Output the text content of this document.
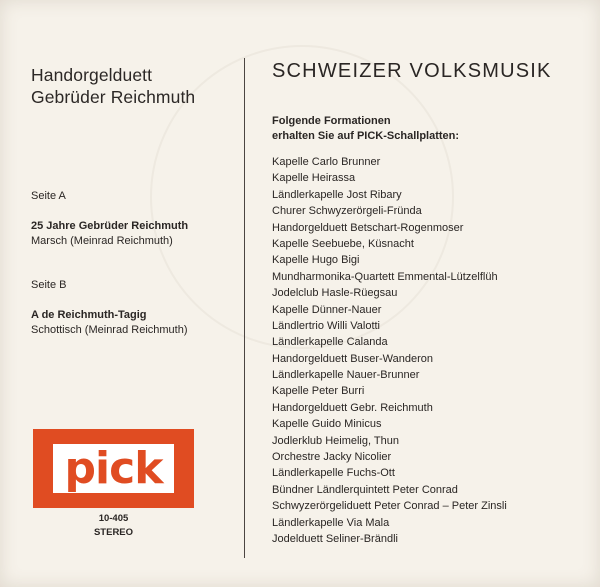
Handorgelduett
Gebrüder Reichmuth
Seite A
25 Jahre Gebrüder Reichmuth
Marsch (Meinrad Reichmuth)
Seite B
A de Reichmuth-Tagig
Schottisch (Meinrad Reichmuth)
pick
10-405
STEREO
SCHWEIZER VOLKSMUSIK
Folgende Formationen
erhalten Sie auf PICK-Schallplatten:
Kapelle Carlo Brunner
Kapelle Heirassa
Ländlerkapelle Jost Ribary
Churer Schwyzerörgeli-Fründa
Handorgelduett Betschart-Rogenmoser
Kapelle Seebuebe, Küsnacht
Kapelle Hugo Bigi
Mundharmonika-Quartett Emmental-Lützelflüh
Jodelclub Hasle-Rüegsau
Kapelle Dünner-Nauer
Ländlertrio Willi Valotti
Ländlerkapelle Calanda
Handorgelduett Buser-Wanderon
Ländlerkapelle Nauer-Brunner
Kapelle Peter Burri
Handorgelduett Gebr. Reichmuth
Kapelle Guido Minicus
Jodlerklub Heimelig, Thun
Orchestre Jacky Nicolier
Ländlerkapelle Fuchs-Ott
Bündner Ländlerquintett Peter Conrad
Schwyzerörgeliduett Peter Conrad – Peter Zinsli
Ländlerkapelle Via Mala
Jodelduett Seliner-Brändli
